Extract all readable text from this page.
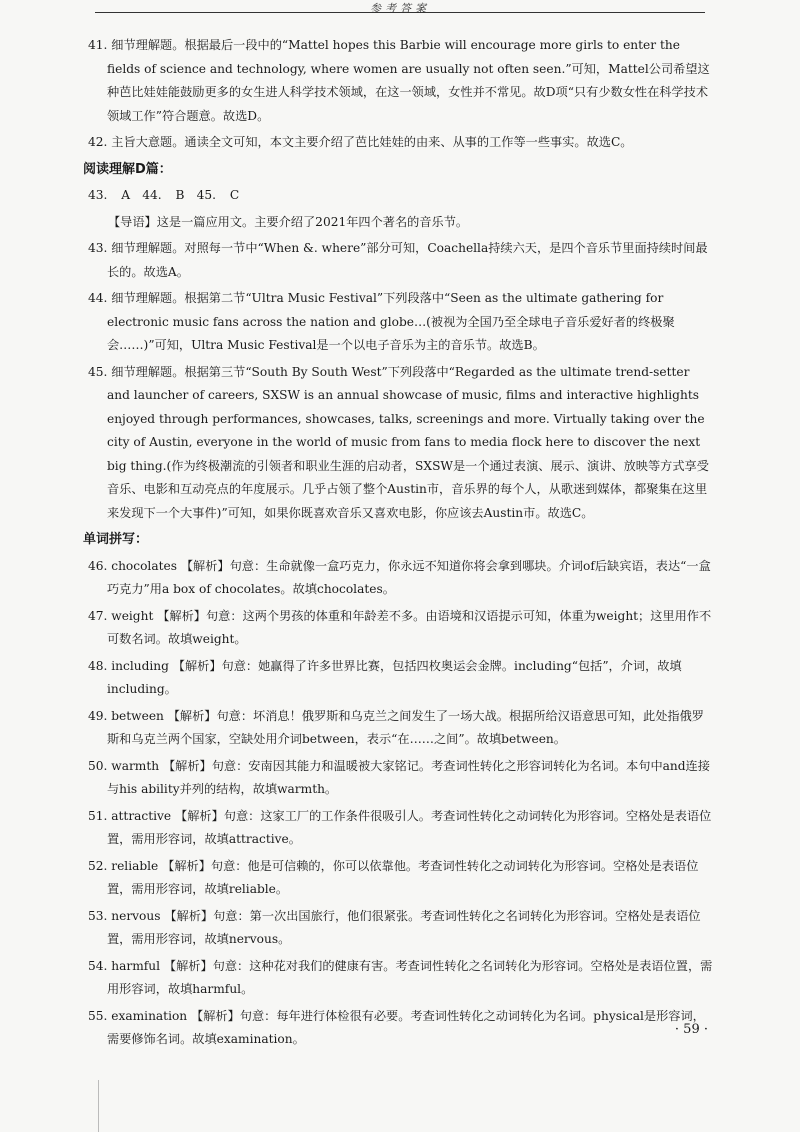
参考答案

41. 细节理解题。根据最后一段中的“Mattel hopes this Barbie will encourage more girls to enter the fields of science and technology, where women are usually not often seen.”可知，Mattel公司希望这种芭比娃娃能鼓励更多的女生进人科学技术领域，在这一领域，女性并不常见。故D项“只有少数女性在科学技术领域工作”符合题意。故选D。

42. 主旨大意题。通读全文可知，本文主要介绍了芭比娃娃的由来、从事的工作等一些事实。故选C。

阅读理解D篇：

43. A　44. B　45. C

【导语】这是一篇应用文。主要介绍了2021年四个著名的音乐节。

43. 细节理解题。对照每一节中“When &. where”部分可知，Coachella持续六天，是四个音乐节里面持续时间最长的。故选A。

44. 细节理解题。根据第二节“Ultra Music Festival”下列段落中“Seen as the ultimate gathering for electronic music fans across the nation and globe…(被视为全国乃至全球电子音乐爱好者的终极聚会……)”可知，Ultra Music Festival是一个以电子音乐为主的音乐节。故选B。

45. 细节理解题。根据第三节“South By South West”下列段落中“Regarded as the ultimate trend-setter and launcher of careers, SXSW is an annual showcase of music, films and interactive highlights enjoyed through performances, showcases, talks, screenings and more. Virtually taking over the city of Austin, everyone in the world of music from fans to media flock here to discover the next big thing.(作为终极潮流的引领者和职业生涯的启动者，SXSW是一个通过表演、展示、演讲、放映等方式享受音乐、电影和互动亮点的年度展示。几乎占领了整个Austin市，音乐界的每个人，从歌迷到媒体，都聚集在这里来发现下一个大事件)”可知，如果你既喜欢音乐又喜欢电影，你应该去Austin市。故选C。

单词拼写：

46. chocolates 【解析】句意：生命就像一盒巧克力，你永远不知道你将会拿到哪块。介词of后缺宾语，表达“一盒巧克力”用a box of chocolates。故填chocolates。

47. weight 【解析】句意：这两个男孩的体重和年龄差不多。由语境和汉语提示可知，体重为weight；这里用作不可数名词。故填weight。

48. including 【解析】句意：她赢得了许多世界比赛，包括四枚奥运会金牌。including“包括”，介词，故填including。

49. between 【解析】句意：坏消息！俄罗斯和乌克兰之间发生了一场大战。根据所给汉语意思可知，此处指俄罗斯和乌克兰两个国家，空缺处用介词between，表示“在……之间”。故填between。

50. warmth 【解析】句意：安南因其能力和温暖被大家铭记。考查词性转化之形容词转化为名词。本句中and连接与his ability并列的结构，故填warmth。

51. attractive 【解析】句意：这家工厂的工作条件很吸引人。考查词性转化之动词转化为形容词。空格处是表语位置，需用形容词，故填attractive。

52. reliable 【解析】句意：他是可信赖的，你可以依靠他。考查词性转化之动词转化为形容词。空格处是表语位置，需用形容词，故填reliable。

53. nervous 【解析】句意：第一次出国旅行，他们很紧张。考查词性转化之名词转化为形容词。空格处是表语位置，需用形容词，故填nervous。

54. harmful 【解析】句意：这种花对我们的健康有害。考查词性转化之名词转化为形容词。空格处是表语位置，需用形容词，故填harmful。

55. examination 【解析】句意：每年进行体检很有必要。考查词性转化之动词转化为名词。physical是形容词，需要修饰名词。故填examination。

· 59 ·
